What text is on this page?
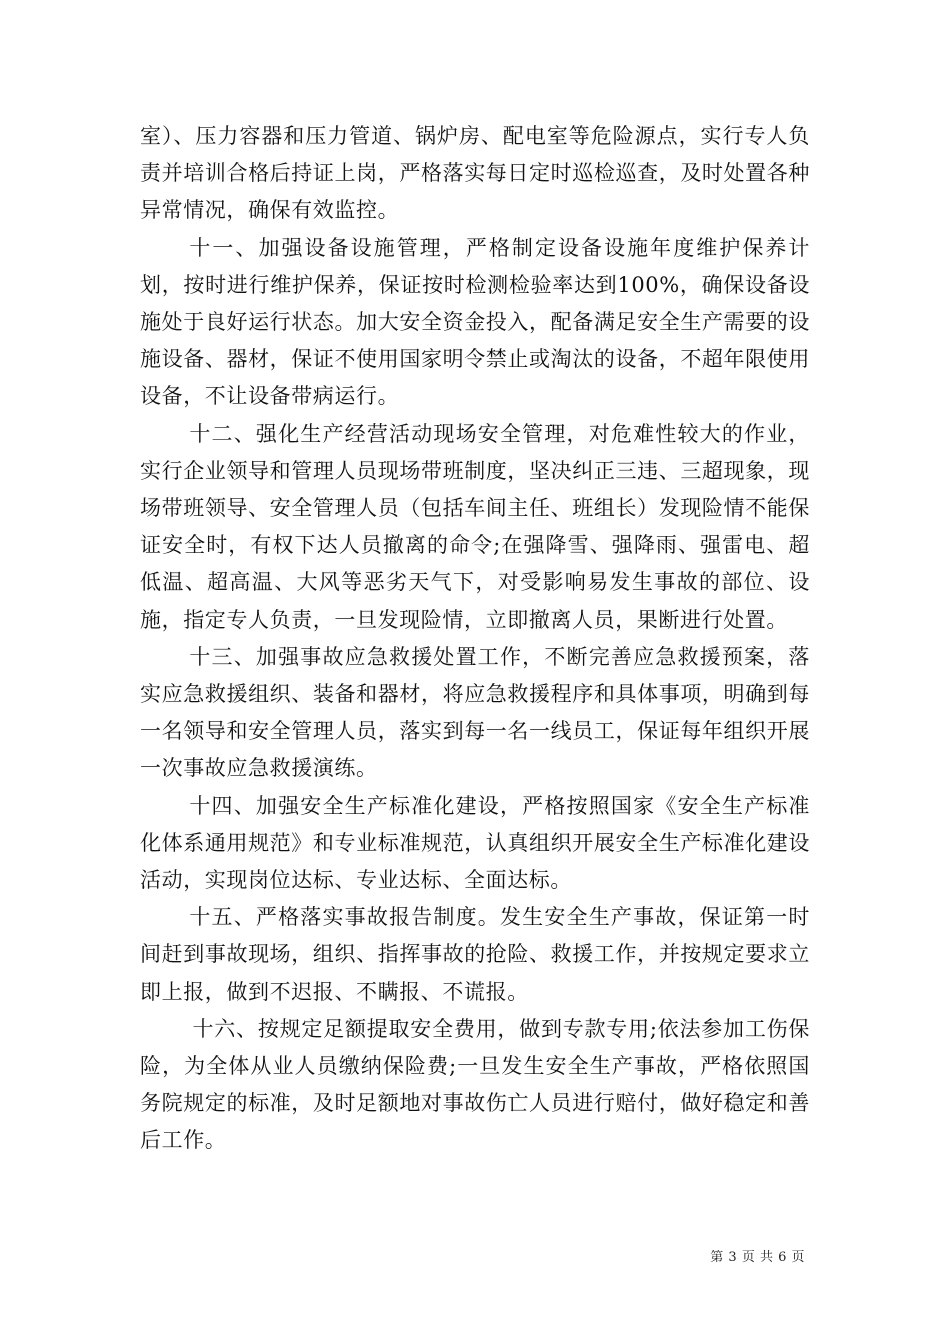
室）、压力容器和压力管道、锅炉房、配电室等危险源点，实行专人负责并培训合格后持证上岗，严格落实每日定时巡检巡查，及时处置各种异常情况，确保有效监控。

十一、加强设备设施管理，严格制定设备设施年度维护保养计划，按时进行维护保养，保证按时检测检验率达到100%，确保设备设施处于良好运行状态。加大安全资金投入，配备满足安全生产需要的设施设备、器材，保证不使用国家明令禁止或淘汰的设备，不超年限使用设备，不让设备带病运行。

十二、强化生产经营活动现场安全管理，对危难性较大的作业，实行企业领导和管理人员现场带班制度，坚决纠正三违、三超现象，现场带班领导、安全管理人员（包括车间主任、班组长）发现险情不能保证安全时，有权下达人员撤离的命令;在强降雪、强降雨、强雷电、超低温、超高温、大风等恶劣天气下，对受影响易发生事故的部位、设施，指定专人负责，一旦发现险情，立即撤离人员，果断进行处置。

十三、加强事故应急救援处置工作，不断完善应急救援预案，落实应急救援组织、装备和器材，将应急救援程序和具体事项，明确到每一名领导和安全管理人员，落实到每一名一线员工，保证每年组织开展一次事故应急救援演练。

十四、加强安全生产标准化建设，严格按照国家《安全生产标准化体系通用规范》和专业标准规范，认真组织开展安全生产标准化建设活动，实现岗位达标、专业达标、全面达标。

十五、严格落实事故报告制度。发生安全生产事故，保证第一时间赶到事故现场，组织、指挥事故的抢险、救援工作，并按规定要求立即上报，做到不迟报、不瞒报、不谎报。

十六、按规定足额提取安全费用，做到专款专用;依法参加工伤保险，为全体从业人员缴纳保险费;一旦发生安全生产事故，严格依照国务院规定的标准，及时足额地对事故伤亡人员进行赔付，做好稳定和善后工作。

第 3 页 共 6 页
